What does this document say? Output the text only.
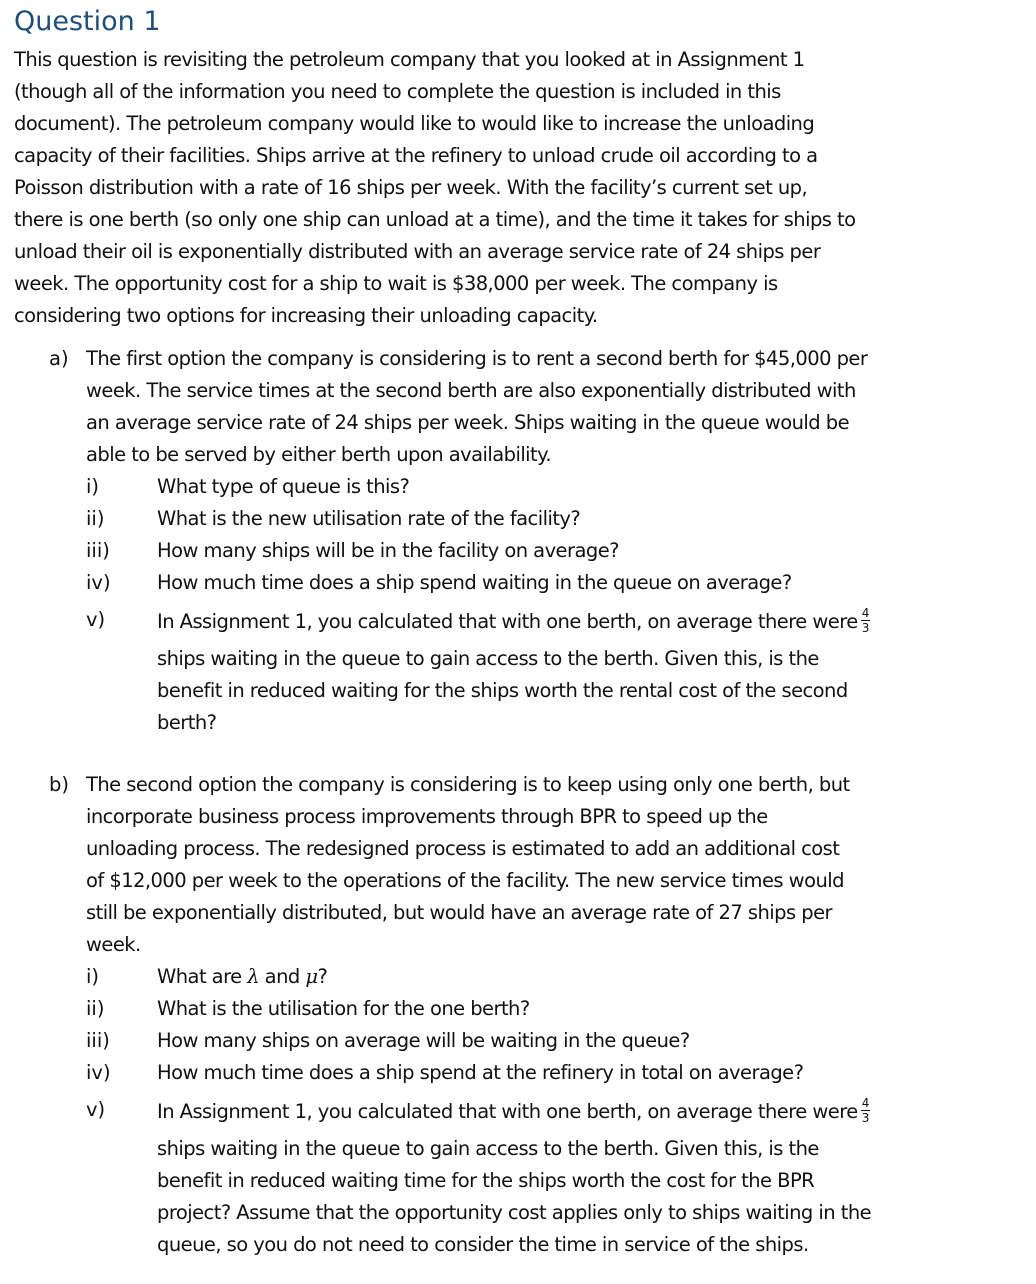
Question 1

This question is revisiting the petroleum company that you looked at in Assignment 1

(though all of the information you need to complete the question is included in this

document). The petroleum company would like to would like to increase the unloading

capacity of their facilities. Ships arrive at the refinery to unload crude oil according to a

Poisson distribution with a rate of 16 ships per week. With the facility’s current set up,

there is one berth (so only one ship can unload at a time), and the time it takes for ships to

unload their oil is exponentially distributed with an average service rate of 24 ships per

week. The opportunity cost for a ship to wait is $38,000 per week. The company is

considering two options for increasing their unloading capacity.

a) The first option the company is considering is to rent a second berth for $45,000 per

week. The service times at the second berth are also exponentially distributed with

an average service rate of 24 ships per week. Ships waiting in the queue would be

able to be served by either berth upon availability.

i)	What type of queue is this?

ii)	What is the new utilisation rate of the facility?

iii) How many ships will be in the facility on average?

iv) How much time does a ship spend waiting in the queue on average?

v)	In Assignment 1, you calculated that with one berth, on average there were $\frac{4}{3}$

ships waiting in the queue to gain access to the berth. Given this, is the

benefit in reduced waiting for the ships worth the rental cost of the second

berth?

b) The second option the company is considering is to keep using only one berth, but

incorporate business process improvements through BPR to speed up the

unloading process. The redesigned process is estimated to add an additional cost

of $12,000 per week to the operations of the facility. The new service times would

still be exponentially distributed, but would have an average rate of 27 ships per

week.

i)	What are λ and μ?

ii)	What is the utilisation for the one berth?

iii) How many ships on average will be waiting in the queue?

iv) How much time does a ship spend at the refinery in total on average?

v)	In Assignment 1, you calculated that with one berth, on average there were $\frac{4}{3}$

ships waiting in the queue to gain access to the berth. Given this, is the

benefit in reduced waiting time for the ships worth the cost for the BPR

project? Assume that the opportunity cost applies only to ships waiting in the

queue, so you do not need to consider the time in service of the ships.
